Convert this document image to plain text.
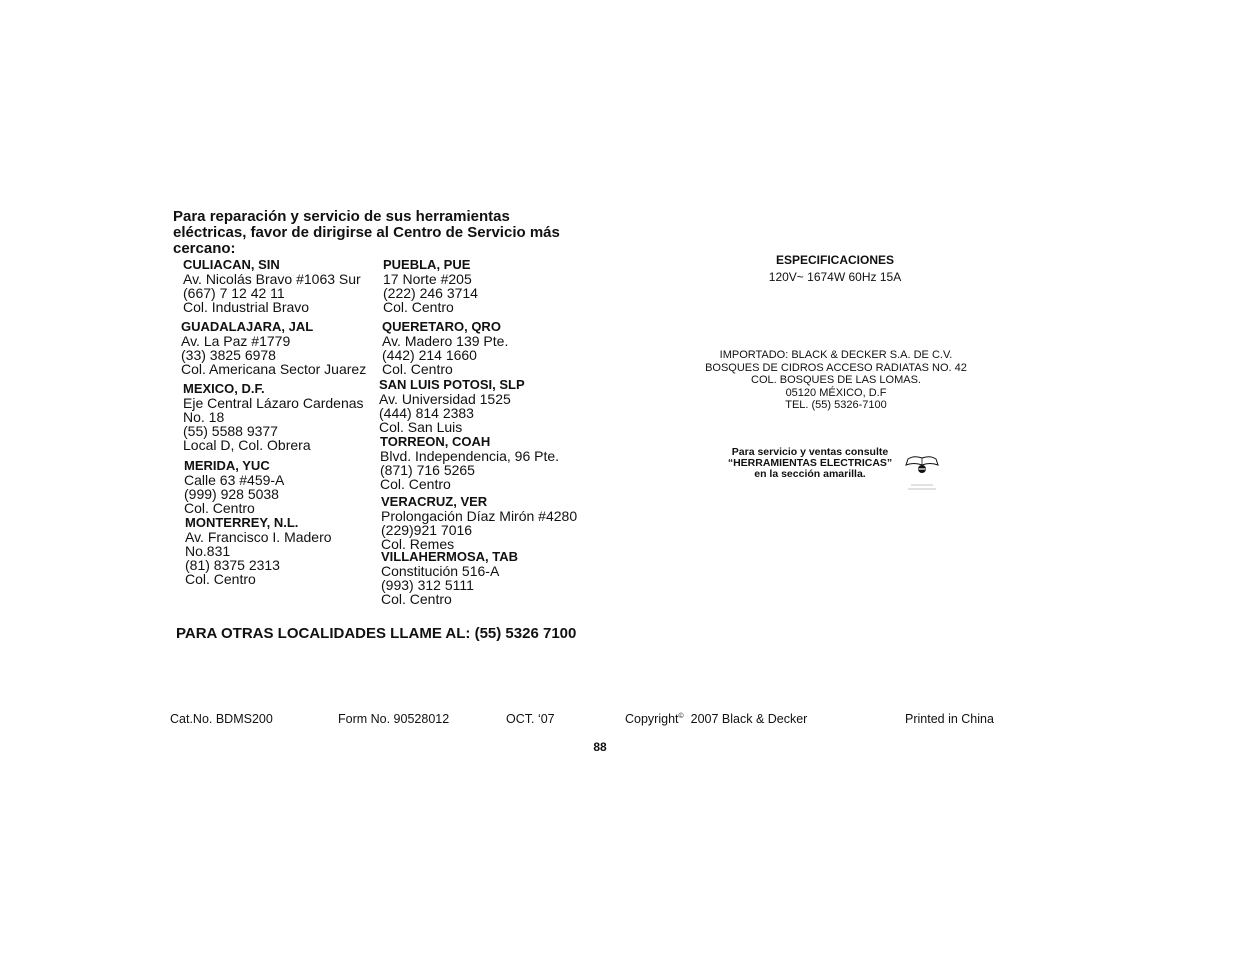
Para reparación y servicio de sus herramientas
eléctricas, favor de dirigirse al Centro de Servicio más
cercano:
CULIACAN, SIN
Av. Nicolás Bravo #1063 Sur
(667) 7 12 42 11
Col. Industrial Bravo
GUADALAJARA, JAL
Av. La Paz #1779
(33) 3825 6978
Col. Americana Sector Juarez
MEXICO, D.F.
Eje Central Lázaro Cardenas
No. 18
(55) 5588 9377
Local D, Col. Obrera
MERIDA, YUC
Calle 63 #459-A
(999) 928 5038
Col. Centro
MONTERREY, N.L.
Av. Francisco I. Madero
No.831
(81) 8375 2313
Col. Centro
PUEBLA, PUE
17 Norte #205
(222) 246 3714
Col. Centro
QUERETARO, QRO
Av. Madero 139 Pte.
(442) 214 1660
Col. Centro
SAN LUIS POTOSI, SLP
Av. Universidad 1525
(444) 814 2383
Col. San Luis
TORREON, COAH
Blvd. Independencia, 96 Pte.
(871) 716 5265
Col. Centro
VERACRUZ, VER
Prolongación Díaz Mirón #4280
(229)921 7016
Col. Remes
VILLAHERMOSA, TAB
Constitución 516-A
(993) 312 5111
Col. Centro
PARA OTRAS LOCALIDADES LLAME AL: (55) 5326 7100
ESPECIFICACIONES
120V~ 1674W 60Hz 15A
IMPORTADO: BLACK & DECKER S.A. DE C.V.
BOSQUES DE CIDROS ACCESO RADIATAS NO. 42
COL. BOSQUES DE LAS LOMAS.
05120 MÉXICO, D.F
TEL. (55) 5326-7100
Para servicio y ventas consulte
“HERRAMIENTAS ELECTRICAS”
en la sección amarilla.
Cat.No. BDMS200	Form No. 90528012	OCT. ‘07	Copyright© 2007 Black & Decker	Printed in China
88
